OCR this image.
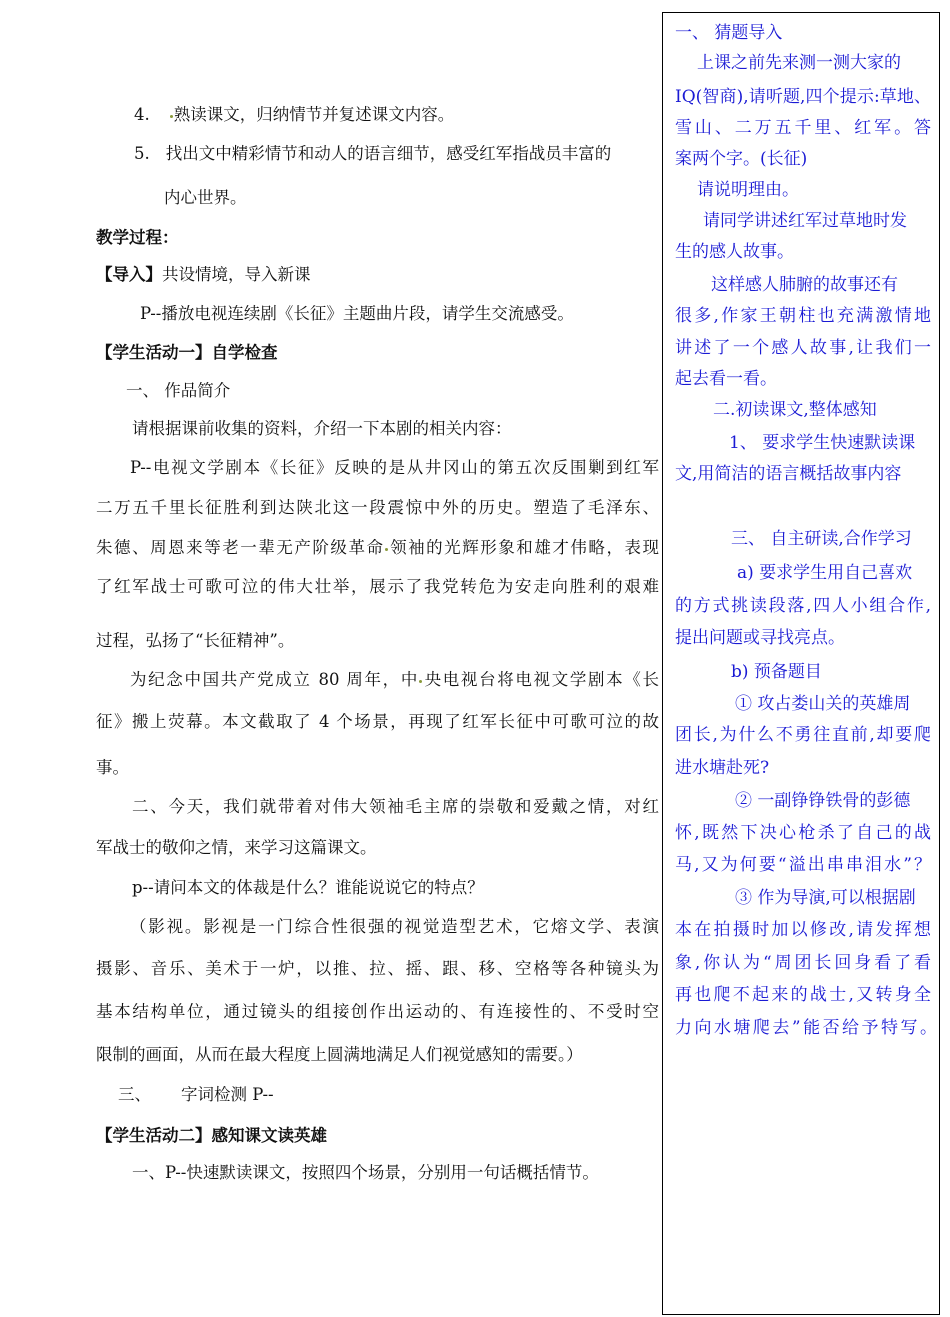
4. 熟读课文，归纳情节并复述课文内容。
5. 找出文中精彩情节和动人的语言细节，感受红军指战员丰富的
内心世界。
教学过程：
【导入】共设情境，导入新课
P--播放电视连续剧《长征》主题曲片段，请学生交流感受。
【学生活动一】自学检查
一、 作品简介
请根据课前收集的资料，介绍一下本剧的相关内容：
P--电视文学剧本《长征》反映的是从井冈山的第五次反围剿到红军
二万五千里长征胜利到达陕北这一段震惊中外的历史。塑造了毛泽东、
朱德、周恩来等老一辈无产阶级革命 领袖的光辉形象和雄才伟略，表现
了红军战士可歌可泣的伟大壮举，展示了我党转危为安走向胜利的艰难
过程，弘扬了“长征精神”。
为纪念中国共产党成立 80 周年，中 央电视台将电视文学剧本《长
征》搬上荧幕。本文截取了 4 个场景，再现了红军长征中可歌可泣的故
事。
二、今天，我们就带着对伟大领袖毛主席的崇敬和爱戴之情，对红
军战士的敬仰之情，来学习这篇课文。
p--请问本文的体裁是什么？谁能说说它的特点？
（影视。影视是一门综合性很强的视觉造型艺术，它熔文学、表演
摄影、音乐、美术于一炉，以推、拉、摇、跟、移、空格等各种镜头为
基本结构单位，通过镜头的组接创作出运动的、有连接性的、不受时空
限制的画面，从而在最大程度上圆满地满足人们视觉感知的需要。）
三、 字词检测 P--
【学生活动二】感知课文读英雄
一、P--快速默读课文，按照四个场景，分别用一句话概括情节。
一、 猜题导入
上课之前先来测一测大家的
IQ(智商),请听题,四个提示:草地、
雪山、二万五千里、红军。答
案两个字。(长征)
请说明理由。
请同学讲述红军过草地时发
生的感人故事。
这样感人肺腑的故事还有
很多,作家王朝柱也充满激情地
讲述了一个感人故事,让我们一
起去看一看。
二.初读课文,整体感知
1、 要求学生快速默读课
文,用简洁的语言概括故事内容
三、 自主研读,合作学习
a) 要求学生用自己喜欢
的方式挑读段落,四人小组合作,
提出问题或寻找亮点。
b) 预备题目
① 攻占娄山关的英雄周
团长,为什么不勇往直前,却要爬
进水塘赴死?
② 一副铮铮铁骨的彭德
怀,既然下决心枪杀了自己的战
马,又为何要“溢出串串泪水”？
③ 作为导演,可以根据剧
本在拍摄时加以修改,请发挥想
象,你认为“周团长回身看了看
再也爬不起来的战士,又转身全
力向水塘爬去”能否给予特写。
